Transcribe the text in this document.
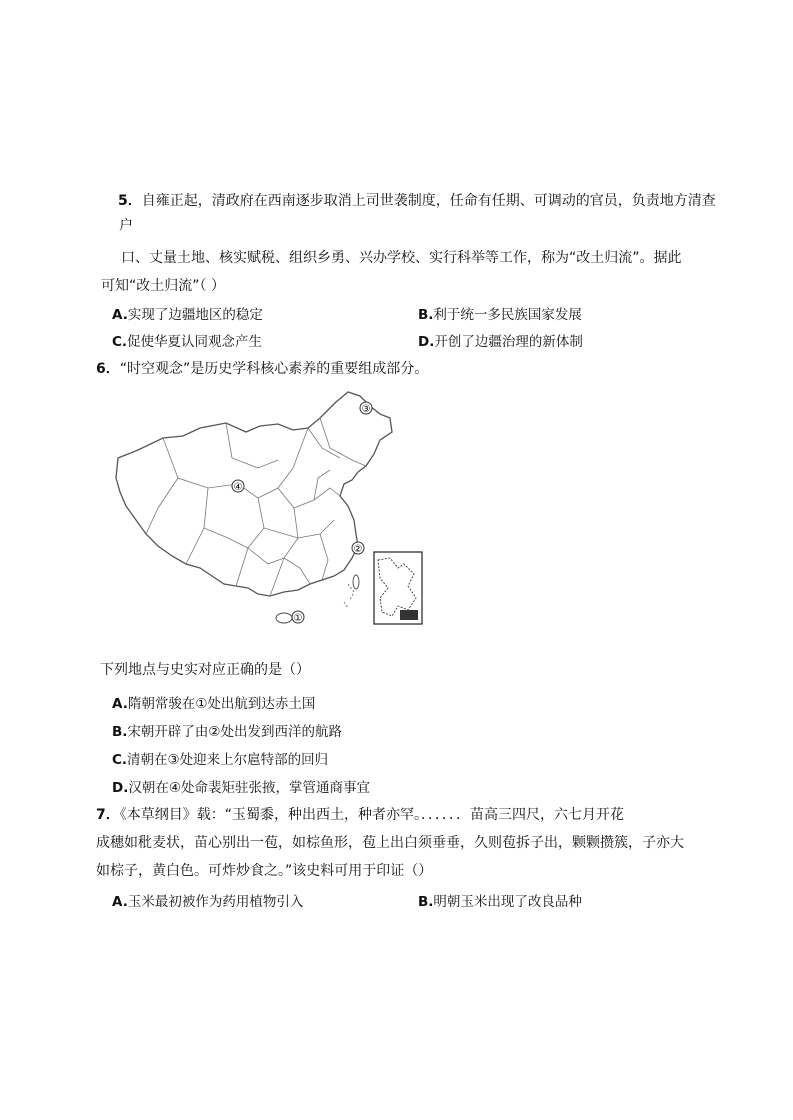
5．自雍正起，清政府在西南逐步取消上司世袭制度，任命有任期、可调动的官员，负责地方清查
户
口、丈量土地、核实赋税、组织乡勇、兴办学校、实行科举等工作，称为“改土归流”。据此
可知“改土归流”（ ）
A.实现了边疆地区的稳定	B.利于统一多民族国家发展
C.促使华夏认同观念产生	D.开创了边疆治理的新体制
6．“时空观念”是历史学科核心素养的重要组成部分。
①
②
③
④
下列地点与史实对应正确的是（）
A.隋朝常骏在①处出航到达赤土国
B.宋朝开辟了由②处出发到西洋的航路
C.清朝在③处迎来上尔扈特部的回归
D.汉朝在④处命裴矩驻张掖，掌管通商事宜
7．《本草纲目》载：“玉蜀黍，种出西土，种者亦罕。．．．．．．苗高三四尺，六七月开花
成穗如秕麦状，苗心别出一苞，如棕鱼形，苞上出白须垂垂，久则苞拆子出，颗颗攒簇，子亦大
如棕子，黄白色。可炸炒食之。”该史料可用于印证（）
A.玉米最初被作为药用植物引入	B.明朝玉米出现了改良品种
